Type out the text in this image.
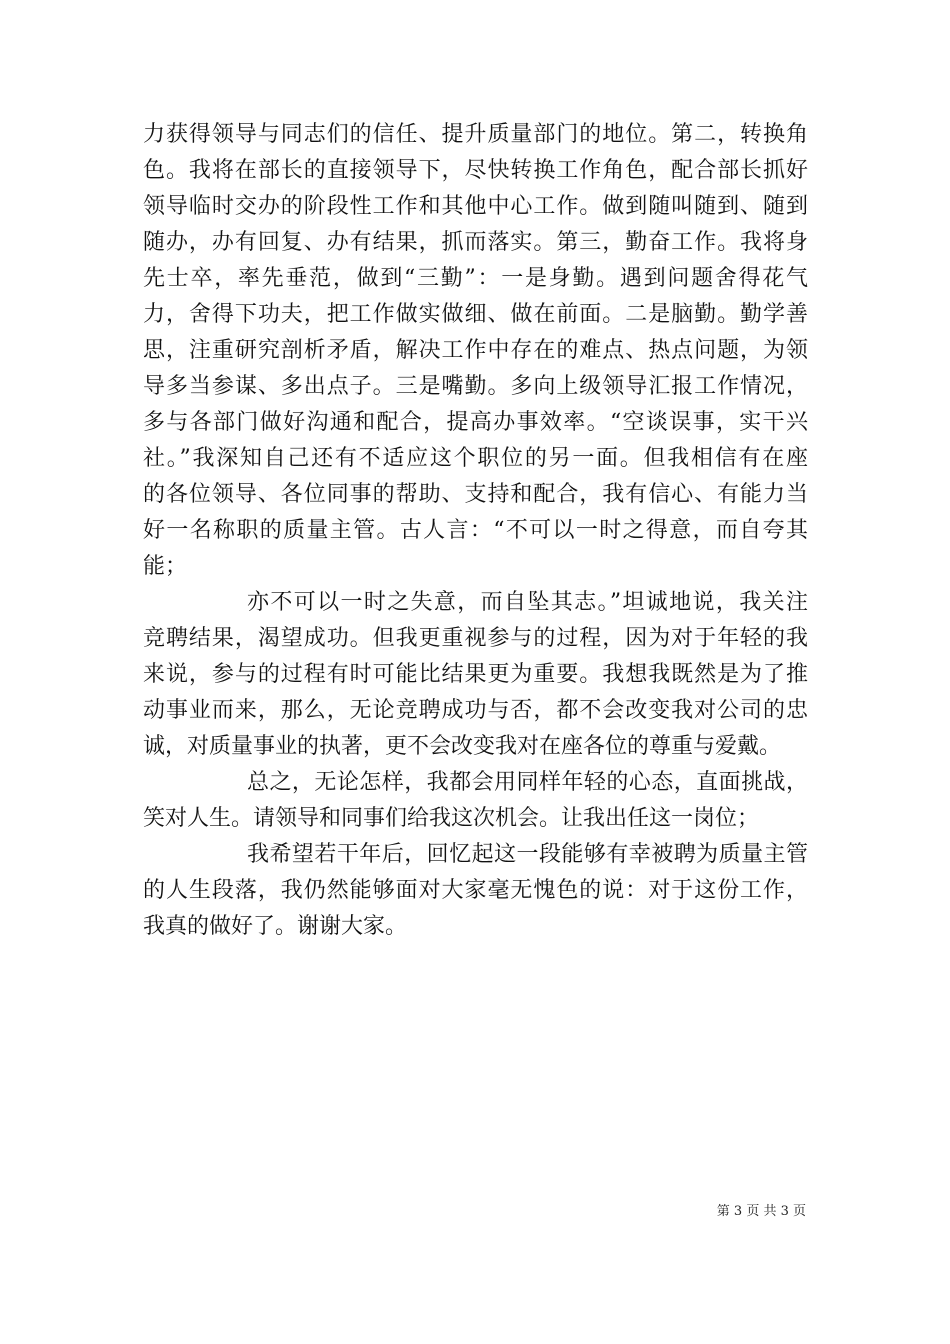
力获得领导与同志们的信任、提升质量部门的地位。第二，转换角
色。我将在部长的直接领导下，尽快转换工作角色，配合部长抓好
领导临时交办的阶段性工作和其他中心工作。做到随叫随到、随到
随办，办有回复、办有结果，抓而落实。第三，勤奋工作。我将身
先士卒，率先垂范，做到“三勤”：一是身勤。遇到问题舍得花气
力，舍得下功夫，把工作做实做细、做在前面。二是脑勤。勤学善
思，注重研究剖析矛盾，解决工作中存在的难点、热点问题，为领
导多当参谋、多出点子。三是嘴勤。多向上级领导汇报工作情况，
多与各部门做好沟通和配合，提高办事效率。“空谈误事，实干兴
社。”我深知自己还有不适应这个职位的另一面。但我相信有在座
的各位领导、各位同事的帮助、支持和配合，我有信心、有能力当
好一名称职的质量主管。古人言：“不可以一时之得意，而自夸其
能；
亦不可以一时之失意，而自坠其志。”坦诚地说，我关注
竞聘结果，渴望成功。但我更重视参与的过程，因为对于年轻的我
来说，参与的过程有时可能比结果更为重要。我想我既然是为了推
动事业而来，那么，无论竞聘成功与否，都不会改变我对公司的忠
诚，对质量事业的执著，更不会改变我对在座各位的尊重与爱戴。
总之，无论怎样，我都会用同样年轻的心态，直面挑战，
笑对人生。请领导和同事们给我这次机会。让我出任这一岗位；
我希望若干年后，回忆起这一段能够有幸被聘为质量主管
的人生段落，我仍然能够面对大家毫无愧色的说：对于这份工作，
我真的做好了。谢谢大家。
第 3 页 共 3 页
